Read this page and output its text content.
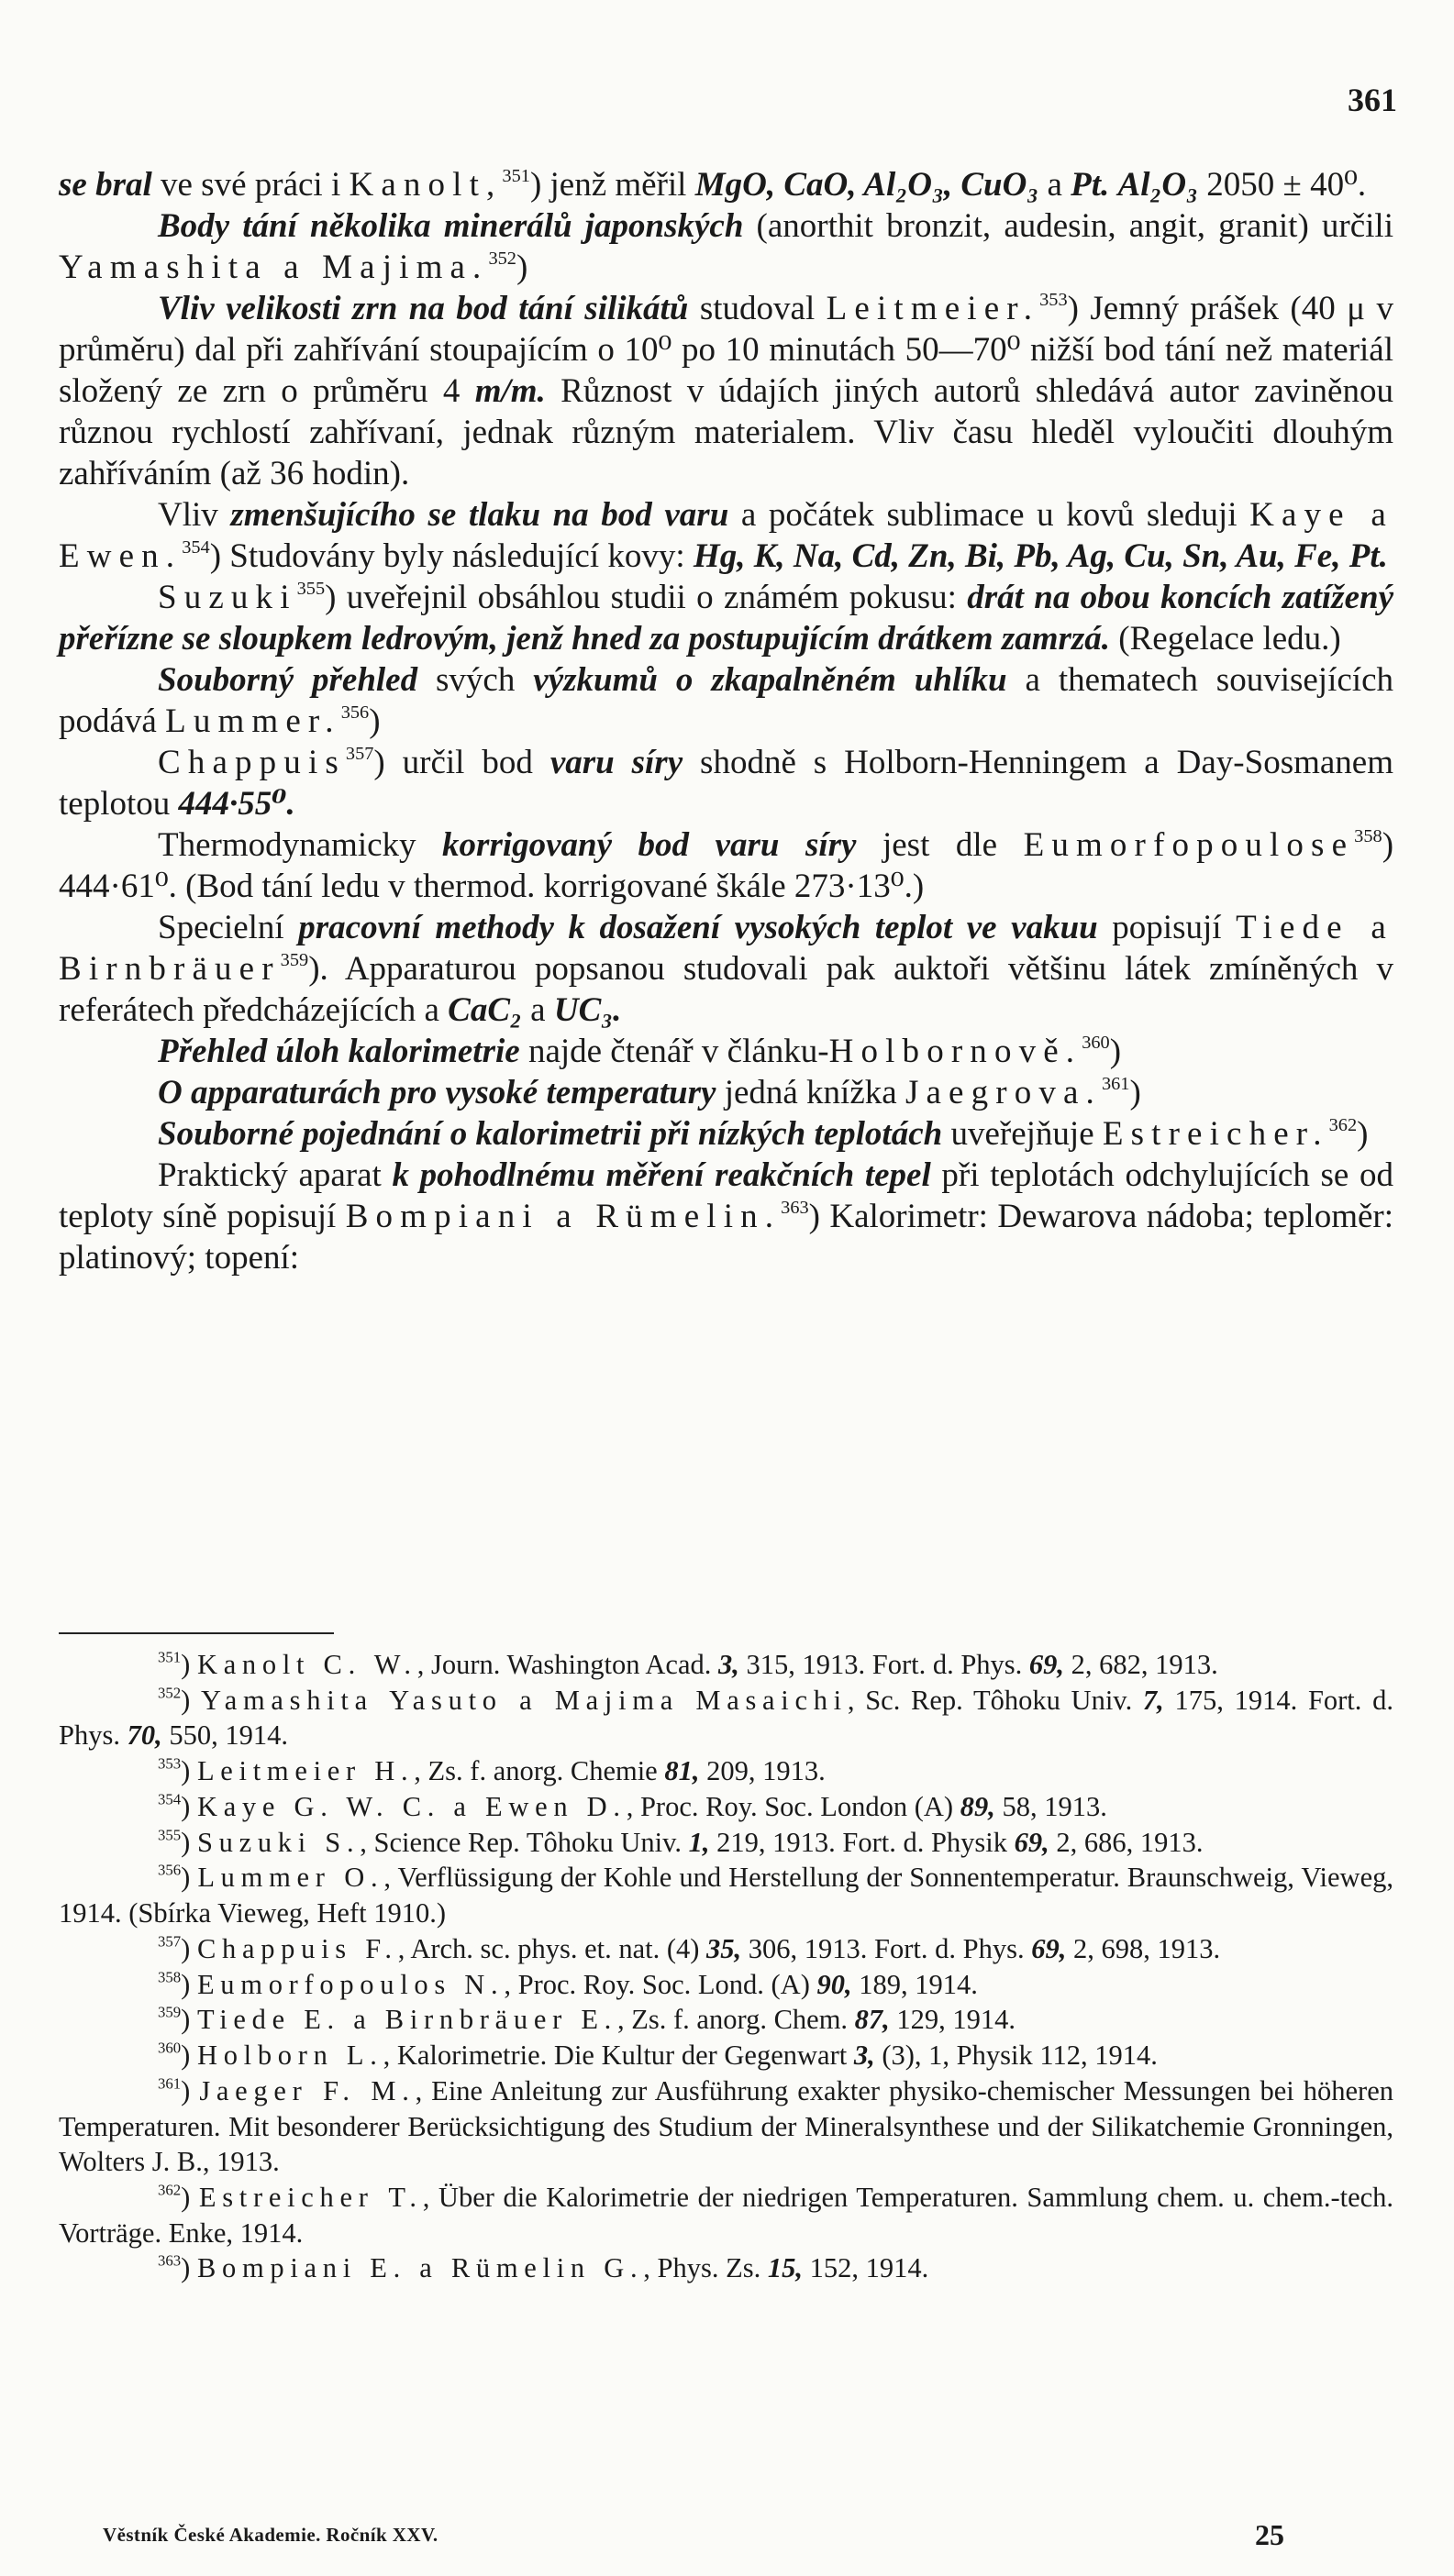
361

se bral ve své práci i Kanolt,$^{351}$) jenž měřil MgO, CaO, Al₂O₃, CuO₃ a Pt. Al₂O₃ 2050 ± 40⁰.

Body tání několika minerálů japonských (anorthit bronzit, audesin, angit, granit) určili Yamashita a Majima.$^{352}$)

Vliv velikosti zrn na bod tání silikátů studoval Leitmeier.$^{353}$) Jemný prášek (40 μ v průměru) dal při zahřívání stoupajícím o 10⁰ po 10 minutách 50—70⁰ nižší bod tání než materiál složený ze zrn o průměru 4 m/m. Různost v údajích jiných autorů shledává autor zaviněnou různou rychlostí zahřívaní, jednak různým materialem. Vliv času hleděl vyloučiti dlouhým zahříváním (až 36 hodin).

Vliv zmenšujícího se tlaku na bod varu a počátek sublimace u kovů sleduji Kaye a Ewen.$^{354}$) Studovány byly následující kovy: Hg, K, Na, Cd, Zn, Bi, Pb, Ag, Cu, Sn, Au, Fe, Pt.

Suzuki$^{355}$) uveřejnil obsáhlou studii o známém pokusu: drát na obou koncích zatížený přeřízne se sloupkem ledrovým, jenž hned za postupujícím drátkem zamrzá. (Regelace ledu.)

Souborný přehled svých výzkumů o zkapalněném uhlíku a thematech souvisejících podává Lummer.$^{356}$)

Chappuis$^{357}$) určil bod varu síry shodně s Holborn-Henningem a Day-Sosmanem teplotou 444·55⁰.

Thermodynamicky korrigovaný bod varu síry jest dle Eumorfopoulose$^{358}$) 444·61⁰. (Bod tání ledu v thermod. korrigované škále 273·13⁰.)

Specielní pracovní methody k dosažení vysokých teplot ve vakuu popisují Tiede a Birnbräuer$^{359}$). Apparaturou popsanou studovali pak auktoři většinu látek zmíněných v referátech předcházejících a CaC₂ a UC₃.

Přehled úloh kalorimetrie najde čtenář v článku-Holbornově.$^{360}$)

O apparaturách pro vysoké temperatury jedná knížka Jaegrova.$^{361}$)

Souborné pojednání o kalorimetrii při nízkých teplotách uveřejňuje Estreicher.$^{362}$)

Praktický aparat k pohodlnému měření reakčních tepel při teplotách odchylujících se od teploty síně popisují Bompiani a Rümelin.$^{363}$) Kalorimetr: Dewarova nádoba; teploměr: platinový; topení:

$^{351}$) Kanolt C. W., Journ. Washington Acad. 3, 315, 1913. Fort. d. Phys. 69, 2, 682, 1913.

$^{352}$) Yamashita Yasuto a Majima Masaichi, Sc. Rep. Tôhoku Univ. 7, 175, 1914. Fort. d. Phys. 70, 550, 1914.

$^{353}$) Leitmeier H., Zs. f. anorg. Chemie 81, 209, 1913.

$^{354}$) Kaye G. W. C. a Ewen D., Proc. Roy. Soc. London (A) 89, 58, 1913.

$^{355}$) Suzuki S., Science Rep. Tôhoku Univ. 1, 219, 1913. Fort. d. Physik 69, 2, 686, 1913.

$^{356}$) Lummer O., Verflüssigung der Kohle und Herstellung der Sonnentemperatur. Braunschweig, Vieweg, 1914. (Sbírka Vieweg, Heft 1910.)

$^{357}$) Chappuis F., Arch. sc. phys. et. nat. (4) 35, 306, 1913. Fort. d. Phys. 69, 2, 698, 1913.

$^{358}$) Eumorfopoulos N., Proc. Roy. Soc. Lond. (A) 90, 189, 1914.

$^{359}$) Tiede E. a Birnbräuer E., Zs. f. anorg. Chem. 87, 129, 1914.

$^{360}$) Holborn L., Kalorimetrie. Die Kultur der Gegenwart 3, (3), 1, Physik 112, 1914.

$^{361}$) Jaeger F. M., Eine Anleitung zur Ausführung exakter physiko-chemischer Messungen bei höheren Temperaturen. Mit besonderer Berücksichtigung des Studium der Mineralsynthese und der Silikatchemie Gronningen, Wolters J. B., 1913.

$^{362}$) Estreicher T., Über die Kalorimetrie der niedrigen Temperaturen. Sammlung chem. u. chem.-tech. Vorträge. Enke, 1914.

$^{363}$) Bompiani E. a Rümelin G., Phys. Zs. 15, 152, 1914.

Věstník České Akademie. Ročník XXV.	25
